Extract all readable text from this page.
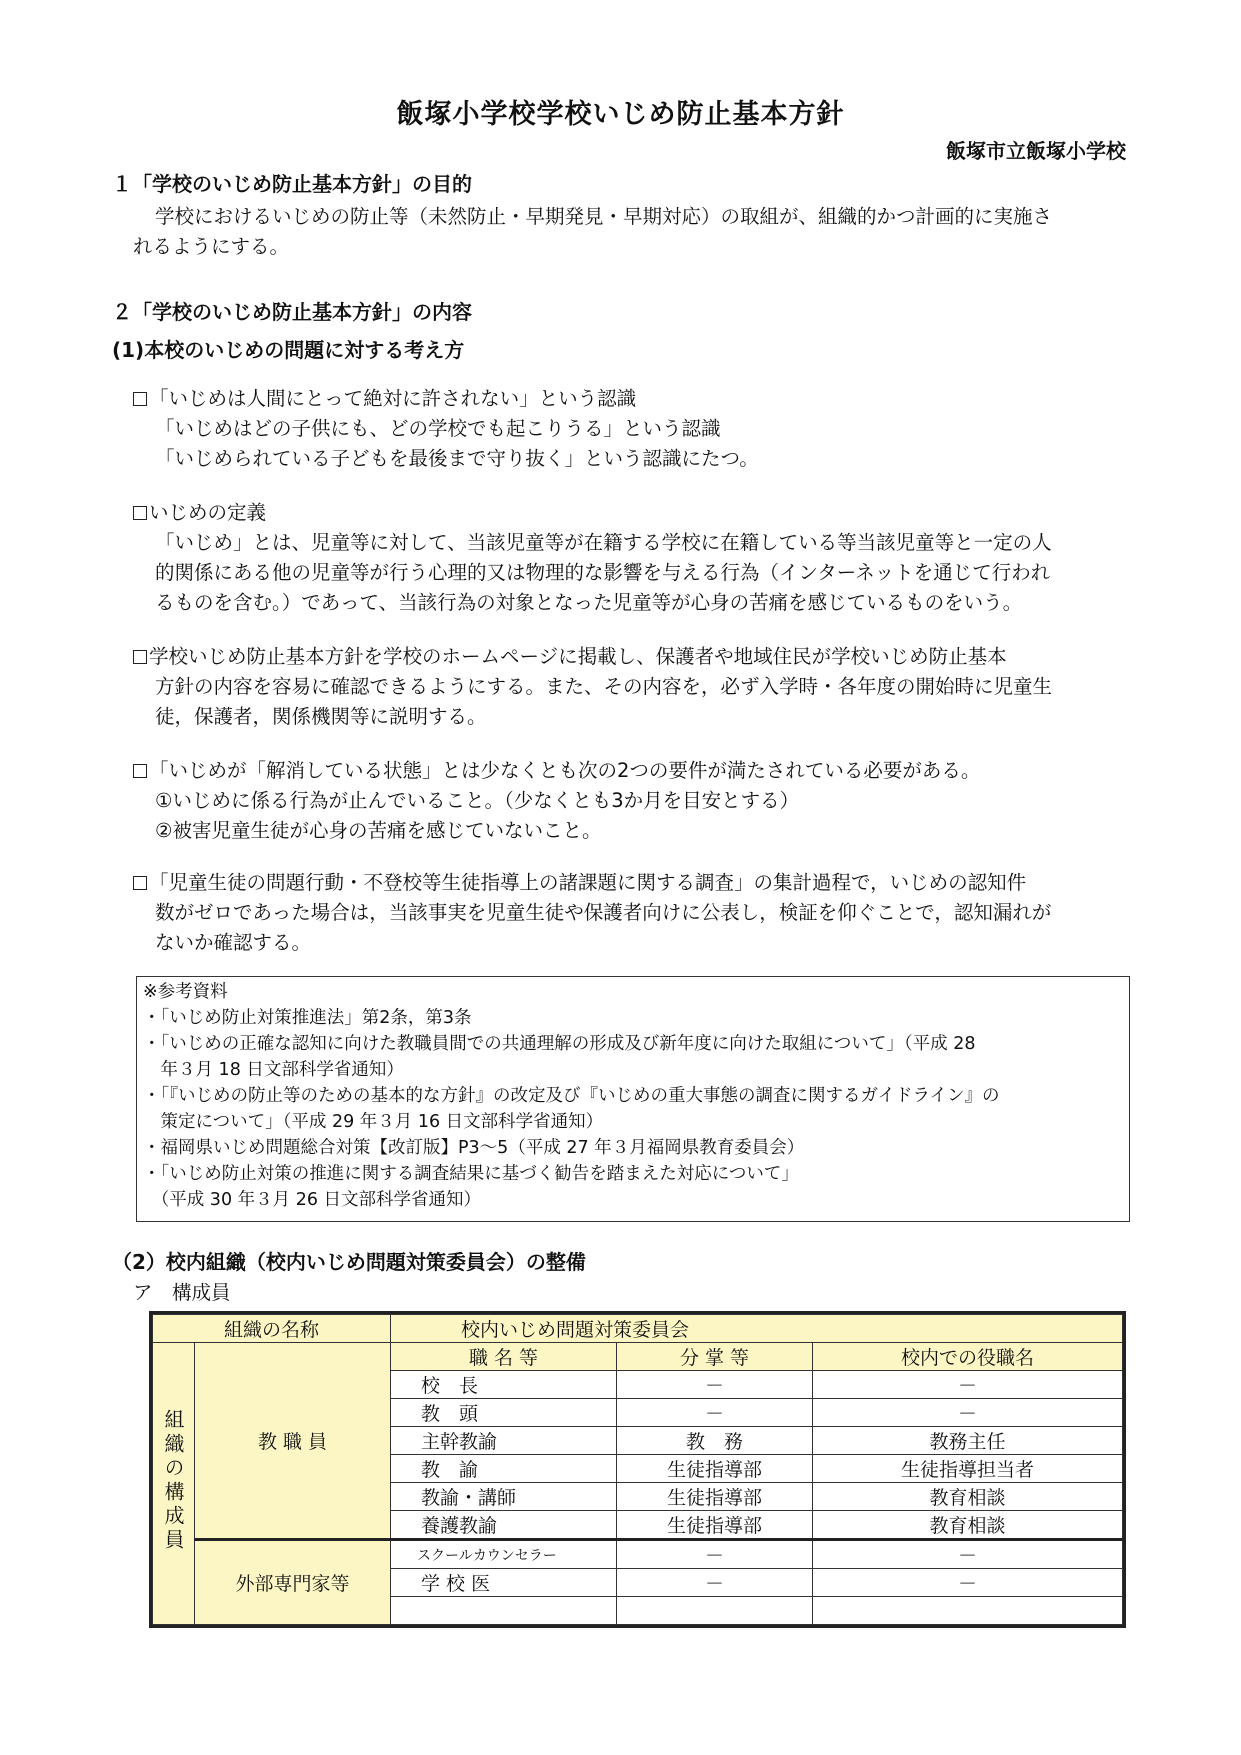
飯塚小学校学校いじめ防止基本方針
飯塚市立飯塚小学校
１「学校のいじめ防止基本方針」の目的
学校におけるいじめの防止等（未然防止・早期発見・早期対応）の取組が、組織的かつ計画的に実施さ
れるようにする。
２「学校のいじめ防止基本方針」の内容
(1)本校のいじめの問題に対する考え方
「いじめは人間にとって絶対に許されない」という認識
「いじめはどの子供にも、どの学校でも起こりうる」という認識
「いじめられている子どもを最後まで守り抜く」という認識にたつ。
いじめの定義
「いじめ」とは、児童等に対して、当該児童等が在籍する学校に在籍している等当該児童等と一定の人
的関係にある他の児童等が行う心理的又は物理的な影響を与える行為（インターネットを通じて行われ
るものを含む。）であって、当該行為の対象となった児童等が心身の苦痛を感じているものをいう。
学校いじめ防止基本方針を学校のホームページに掲載し、保護者や地域住民が学校いじめ防止基本
方針の内容を容易に確認できるようにする。また、その内容を，必ず入学時・各年度の開始時に児童生
徒，保護者，関係機関等に説明する。
「いじめが「解消している状態」とは少なくとも次の2つの要件が満たされている必要がある。
①いじめに係る行為が止んでいること。（少なくとも3か月を目安とする）
②被害児童生徒が心身の苦痛を感じていないこと。
「児童生徒の問題行動・不登校等生徒指導上の諸課題に関する調査」の集計過程で，いじめの認知件
数がゼロであった場合は，当該事実を児童生徒や保護者向けに公表し，検証を仰ぐことで，認知漏れが
ないか確認する。
※参考資料
・「いじめ防止対策推進法」第2条，第3条
・「いじめの正確な認知に向けた教職員間での共通理解の形成及び新年度に向けた取組について」（平成 28
　年３月 18 日文部科学省通知）
・「『いじめの防止等のための基本的な方針』の改定及び『いじめの重大事態の調査に関するガイドライン』の
　策定について」（平成 29 年３月 16 日文部科学省通知）
・福岡県いじめ問題総合対策【改訂版】P3～5（平成 27 年３月福岡県教育委員会）
・「いじめ防止対策の推進に関する調査結果に基づく勧告を踏まえた対応について」
　（平成 30 年３月 26 日文部科学省通知）
（2）校内組織（校内いじめ問題対策委員会）の整備
ア　構成員
組織の名称		校内いじめ問題対策委員会		
組織の構成員	教 職 員	職 名 等	分 掌 等	校内での役職名
		校　長	－	－
		教　頭	－	－
		主幹教諭	教　務	教務主任
		教　諭	生徒指導部	生徒指導担当者
		教諭・講師	生徒指導部	教育相談
		養護教諭	生徒指導部	教育相談
	外部専門家等	スクールカウンセラー	－	－
		学 校 医	－	－
